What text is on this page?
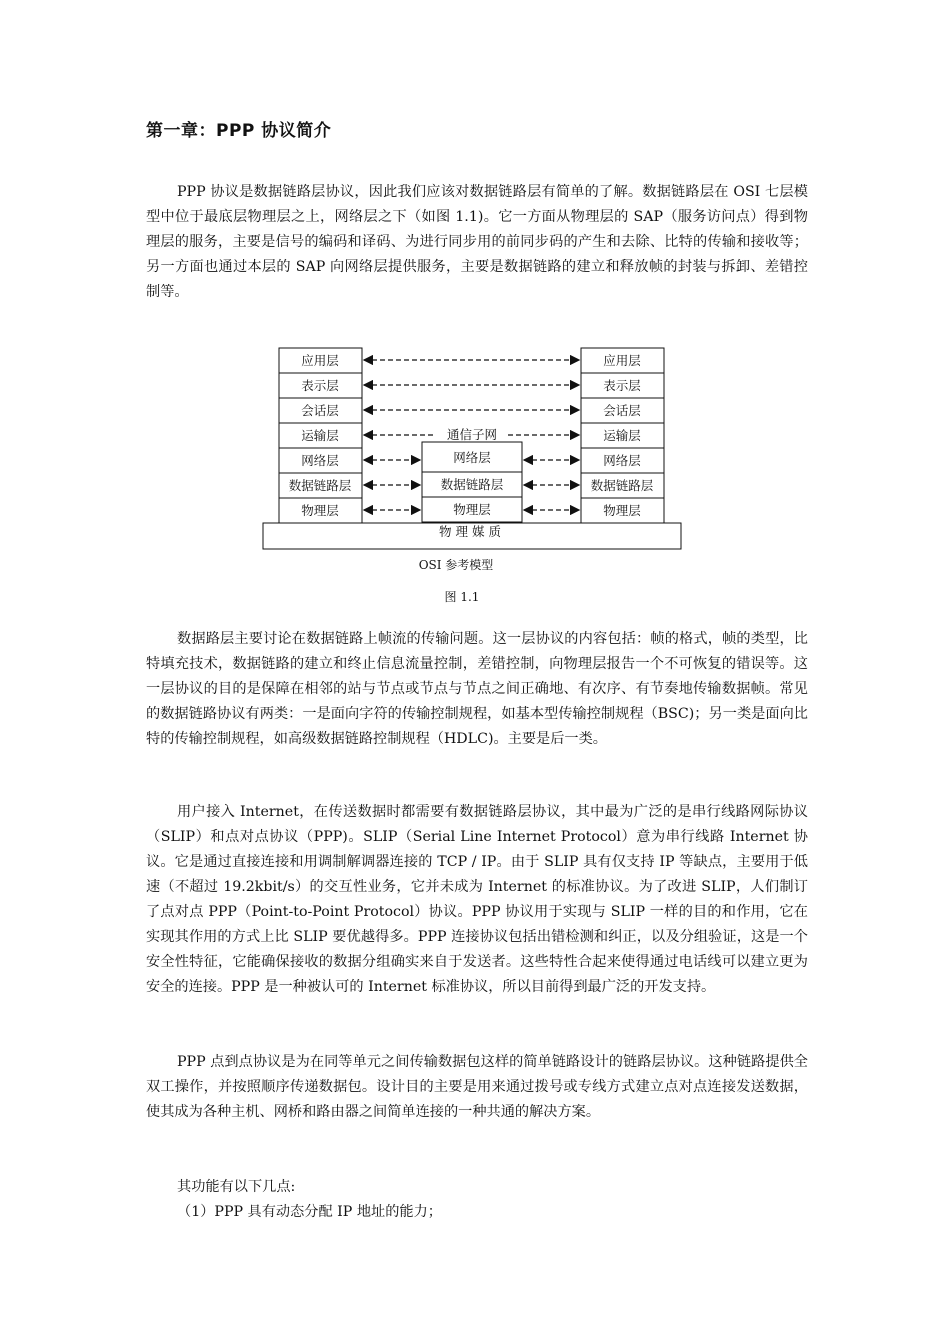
第一章：PPP 协议简介

PPP 协议是数据链路层协议，因此我们应该对数据链路层有简单的了解。数据链路层在 OSI 七层模型中位于最底层物理层之上，网络层之下（如图 1.1)。它一方面从物理层的 SAP（服务访问点）得到物理层的服务，主要是信号的编码和译码、为进行同步用的前同步码的产生和去除、比特的传输和接收等；另一方面也通过本层的 SAP 向网络层提供服务，主要是数据链路的建立和释放帧的封装与拆卸、差错控制等。

应用层
表示层
会话层
运输层
网络层
数据链路层
物理层
网络层
数据链路层
物理层
应用层
表示层
会话层
运输层
网络层
数据链路层
物理层
通信子网
物 理 媒 质
OSI 参考模型
图 1.1

数据路层主要讨论在数据链路上帧流的传输问题。这一层协议的内容包括：帧的格式，帧的类型，比特填充技术，数据链路的建立和终止信息流量控制，差错控制，向物理层报告一个不可恢复的错误等。这一层协议的目的是保障在相邻的站与节点或节点与节点之间正确地、有次序、有节奏地传输数据帧。常见的数据链路协议有两类：一是面向字符的传输控制规程，如基本型传输控制规程（BSC)；另一类是面向比特的传输控制规程，如高级数据链路控制规程（HDLC)。主要是后一类。

用户接入 Internet，在传送数据时都需要有数据链路层协议，其中最为广泛的是串行线路网际协议（SLIP）和点对点协议（PPP)。SLIP（Serial Line Internet Protocol）意为串行线路 Internet 协议。它是通过直接连接和用调制解调器连接的 TCP / IP。由于 SLIP 具有仅支持 IP 等缺点，主要用于低速（不超过 19.2kbit/s）的交互性业务，它并未成为 Internet 的标准协议。为了改进 SLIP，人们制订了点对点 PPP（Point-to-Point Protocol）协议。PPP 协议用于实现与 SLIP 一样的目的和作用，它在实现其作用的方式上比 SLIP 要优越得多。PPP 连接协议包括出错检测和纠正，以及分组验证，这是一个安全性特征，它能确保接收的数据分组确实来自于发送者。这些特性合起来使得通过电话线可以建立更为安全的连接。PPP 是一种被认可的 Internet 标准协议，所以目前得到最广泛的开发支持。

PPP 点到点协议是为在同等单元之间传输数据包这样的简单链路设计的链路层协议。这种链路提供全双工操作，并按照顺序传递数据包。设计目的主要是用来通过拨号或专线方式建立点对点连接发送数据，使其成为各种主机、网桥和路由器之间简单连接的一种共通的解决方案。

其功能有以下几点:

（1）PPP 具有动态分配 IP 地址的能力；
